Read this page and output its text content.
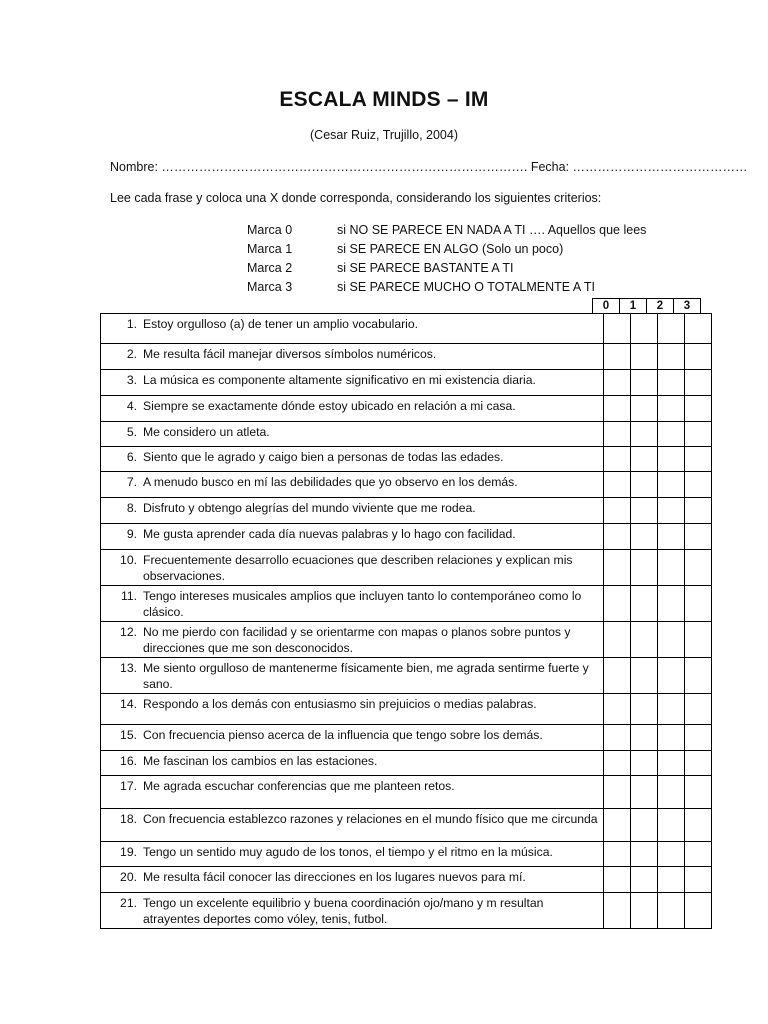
ESCALA MINDS – IM
(Cesar Ruiz, Trujillo, 2004)
Nombre: ……………………………………………………………………………. Fecha: ……………………………………
Lee cada frase y coloca una X donde corresponda, considerando los siguientes criterios:
Marca 0	si NO SE PARECE EN NADA A TI …. Aquellos que lees
Marca 1	si SE PARECE EN ALGO (Solo un poco)
Marca 2	si SE PARECE BASTANTE A TI
Marca 3	si SE PARECE MUCHO O TOTALMENTE A TI
0	1	2	3
1. Estoy orgulloso (a) de tener un amplio vocabulario.				

2. Me resulta fácil manejar diversos símbolos numéricos.				

3. La música es componente altamente significativo en mi existencia diaria.				

4. Siempre se exactamente dónde estoy ubicado en relación a mi casa.				

5. Me considero un atleta.				

6. Siento que le agrado y caigo bien a personas de todas las edades.				

7. A menudo busco en mí las debilidades que yo observo en los demás.				

8. Disfruto y obtengo alegrías del mundo viviente que me rodea.				

9. Me gusta aprender cada día nuevas palabras y lo hago con facilidad.				

10. Frecuentemente desarrollo ecuaciones que describen relaciones y explican mis observaciones.				

11. Tengo intereses musicales amplios que incluyen tanto lo contemporáneo como lo clásico.				

12. No me pierdo con facilidad y se orientarme con mapas o planos sobre puntos y direcciones que me son desconocidos.				

13. Me siento orgulloso de mantenerme físicamente bien, me agrada sentirme fuerte y sano.				

14. Respondo a los demás con entusiasmo sin prejuicios o medias palabras.				

15. Con frecuencia pienso acerca de la influencia que tengo sobre los demás.				

16. Me fascinan los cambios en las estaciones.				

17. Me agrada escuchar conferencias que me planteen retos.				

18. Con frecuencia establezco razones y relaciones en el mundo físico que me circunda				

19. Tengo un sentido muy agudo de los tonos, el tiempo y el ritmo en la música.				

20. Me resulta fácil conocer las direcciones en los lugares nuevos para mí.				

21. Tengo un excelente equilibrio y buena coordinación ojo/mano y m resultan atrayentes deportes como vóley, tenis, futbol.				
